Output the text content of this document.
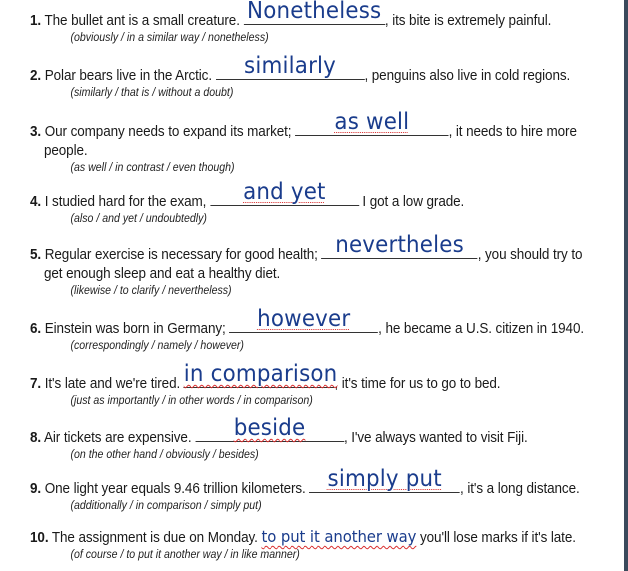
1. The bullet ant is a small creature. Nonetheless , its bite is extremely painful.
(obviously / in a similar way / nonetheless)
2. Polar bears live in the Arctic.	similarly	, penguins also live in cold regions.
(similarly / that is / without a doubt)
3. Our company needs to expand its market;	as well	, it needs to hire more
people.
(as well / in contrast / even though)
4. I studied hard for the exam,	and yet	I got a low grade.
(also / and yet / undoubtedly)
5. Regular exercise is necessary for good health; nevertheles , you should try to
get enough sleep and eat a healthy diet.
(likewise / to clarify / nevertheless)
6. Einstein was born in Germany;	however	, he became a U.S. citizen in 1940.
(correspondingly / namely / however)
7. It's late and we're tired. in comparison
, it's time for us to go to bed.
(just as importantly / in other words / in comparison)
8. Air tickets are expensive.	beside	, I've always wanted to visit Fiji.
(on the other hand / obviously / besides)
9. One light year equals 9.46 trillion kilometers. simply put	, it's a long distance.
(additionally / in comparison / simply put)
10. The assignment is due on Monday. to put it another way you'll lose marks if it's late.
(of course / to put it another way / in like manner)
